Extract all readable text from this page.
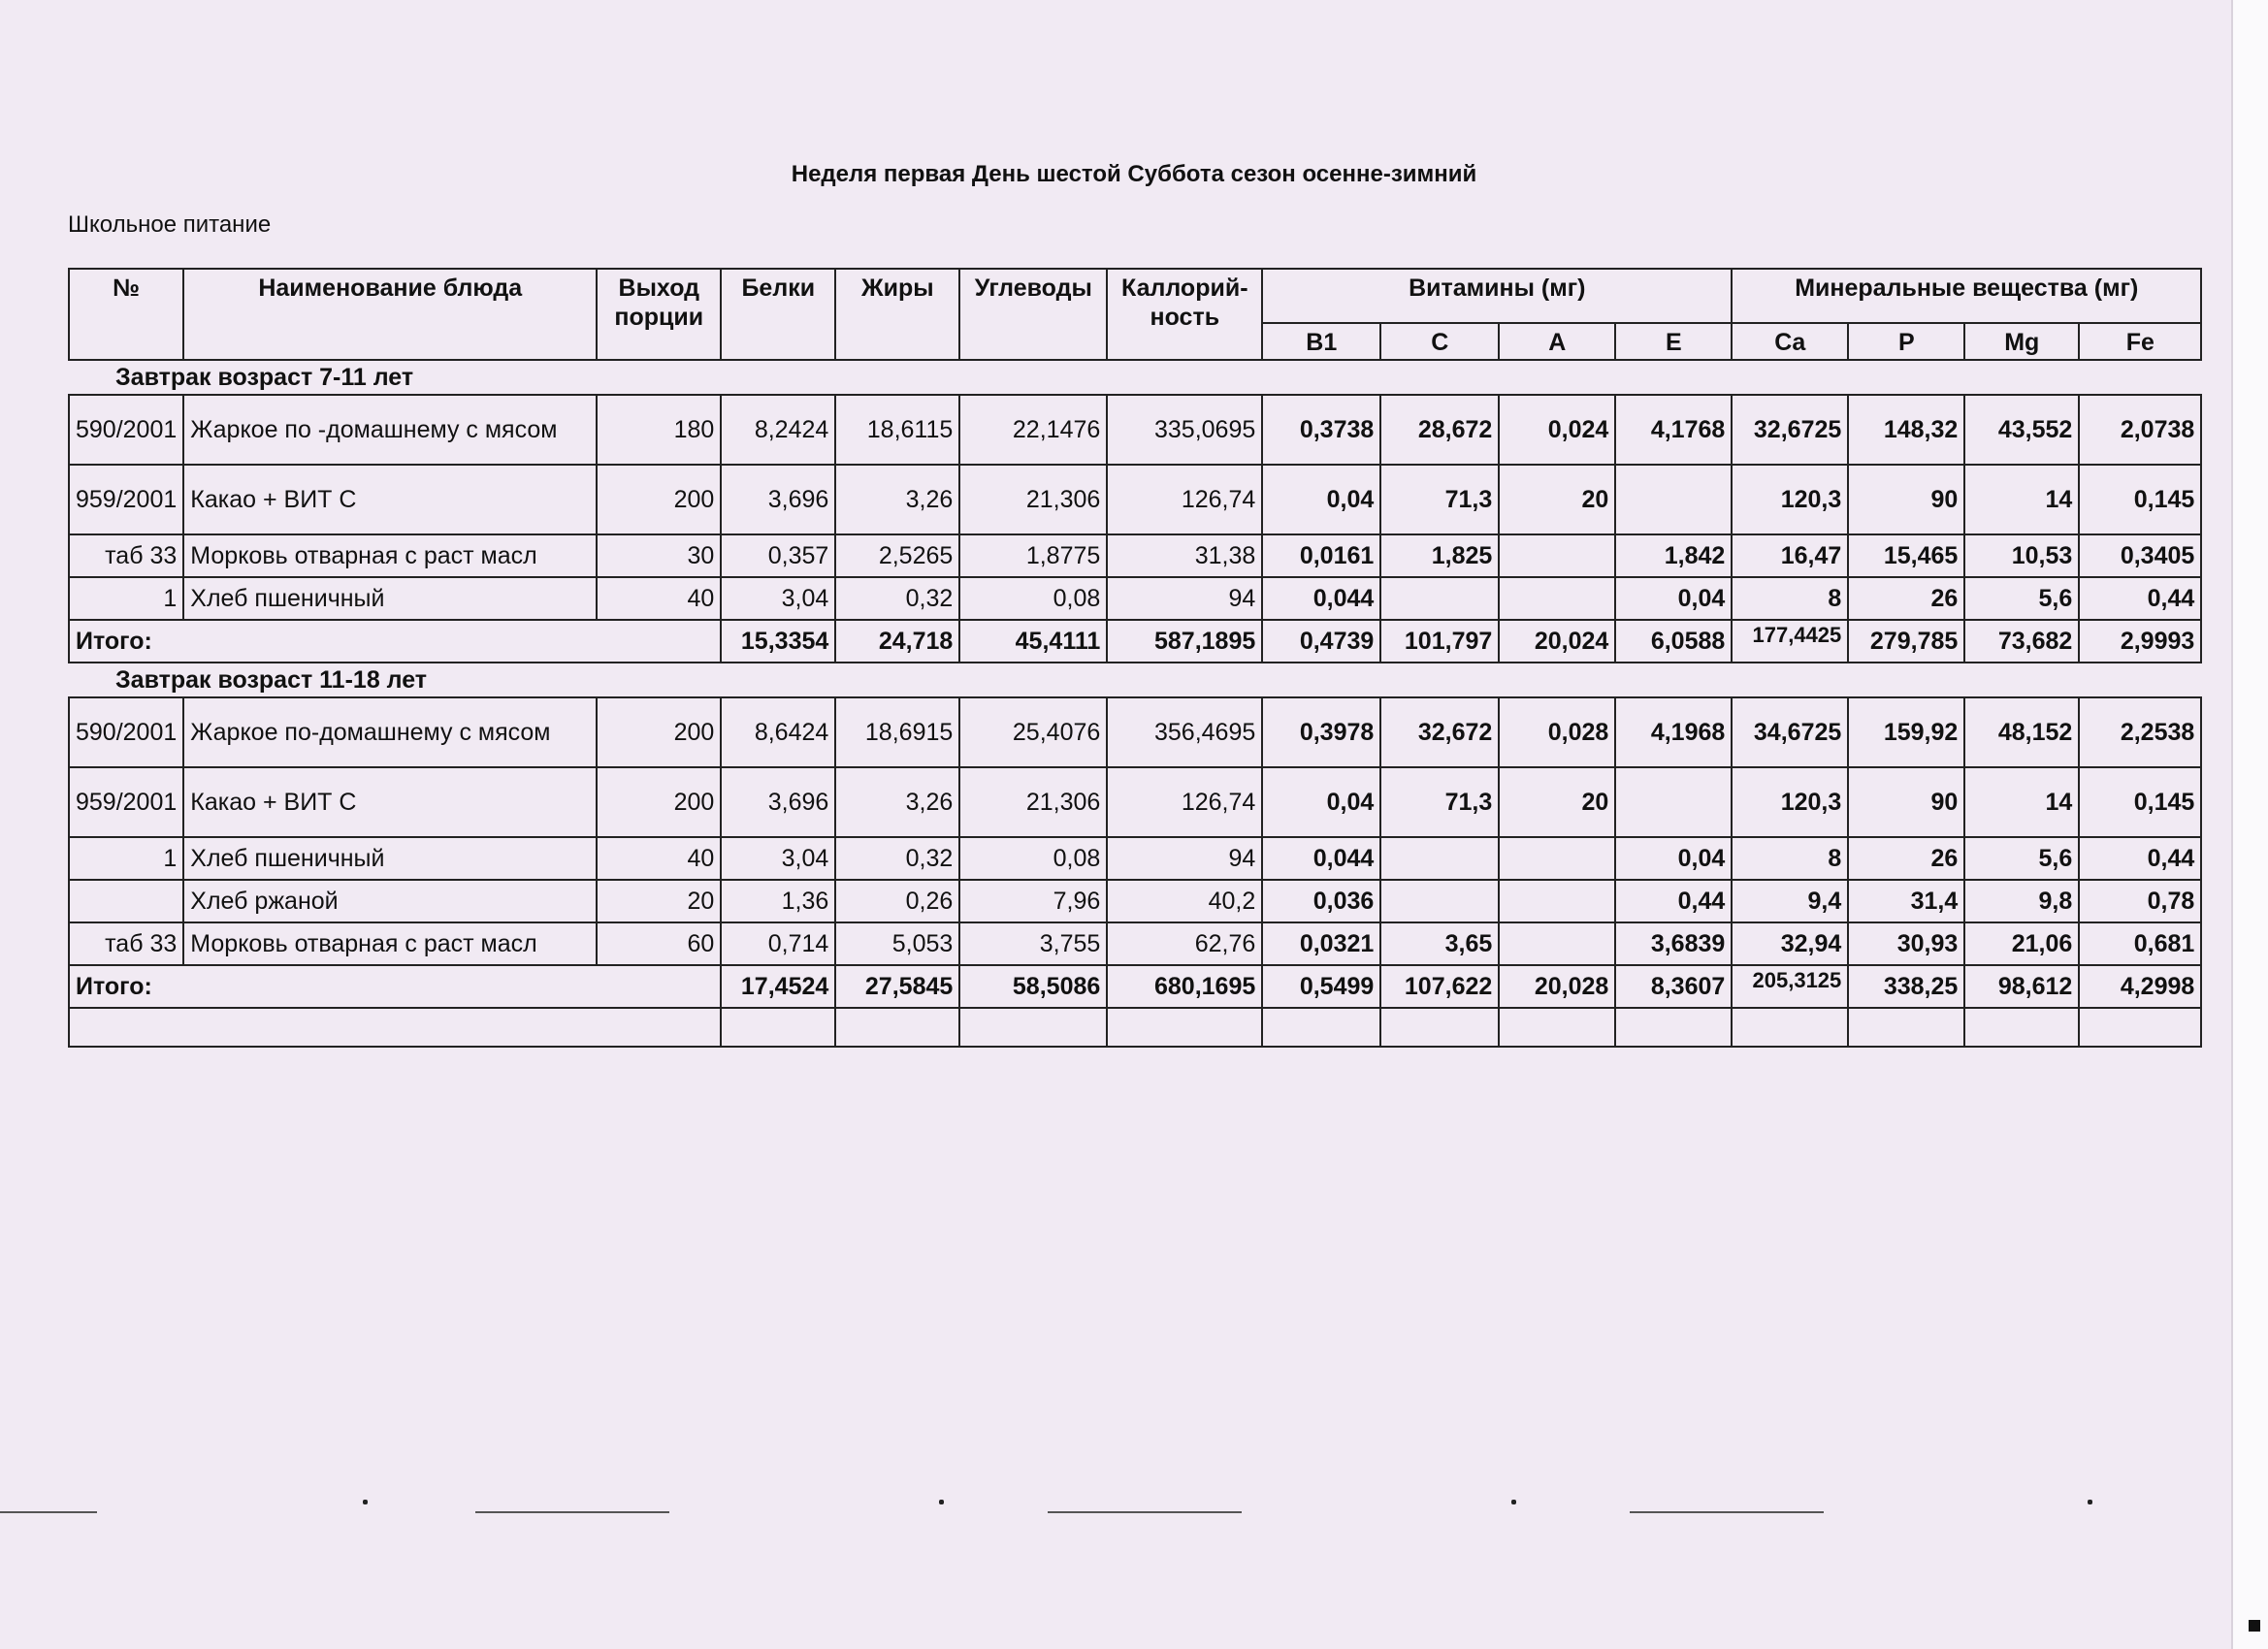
Неделя первая День шестой Суббота сезон осенне-зимний
Школьное питание
№	Наименование блюда	Выход порции	Белки	Жиры	Углеводы	Каллорий-ность	Витамины (мг)				Минеральные вещества (мг)			
							B1	C	A	E	Ca	P	Mg	Fe
Завтрак возраст 7-11 лет														
590/2001	Жаркое по -домашнему с мясом	180	8,2424	18,6115	22,1476	335,0695	0,3738	28,672	0,024	4,1768	32,6725	148,32	43,552	2,0738
959/2001	Какао + ВИТ С	200	3,696	3,26	21,306	126,74	0,04	71,3	20		120,3	90	14	0,145
таб 33	Морковь отварная с раст масл	30	0,357	2,5265	1,8775	31,38	0,0161	1,825		1,842	16,47	15,465	10,53	0,3405
1	Хлеб пшеничный	40	3,04	0,32	0,08	94	0,044			0,04	8	26	5,6	0,44
Итого:			15,3354	24,718	45,4111	587,1895	0,4739	101,797	20,024	6,0588	177,4425	279,785	73,682	2,9993
Завтрак возраст 11-18 лет														
590/2001	Жаркое по-домашнему с мясом	200	8,6424	18,6915	25,4076	356,4695	0,3978	32,672	0,028	4,1968	34,6725	159,92	48,152	2,2538
959/2001	Какао + ВИТ С	200	3,696	3,26	21,306	126,74	0,04	71,3	20		120,3	90	14	0,145
1	Хлеб пшеничный	40	3,04	0,32	0,08	94	0,044			0,04	8	26	5,6	0,44
	Хлеб ржаной	20	1,36	0,26	7,96	40,2	0,036			0,44	9,4	31,4	9,8	0,78
таб 33	Морковь отварная с раст масл	60	0,714	5,053	3,755	62,76	0,0321	3,65		3,6839	32,94	30,93	21,06	0,681
Итого:			17,4524	27,5845	58,5086	680,1695	0,5499	107,622	20,028	8,3607	205,3125	338,25	98,612	4,2998
